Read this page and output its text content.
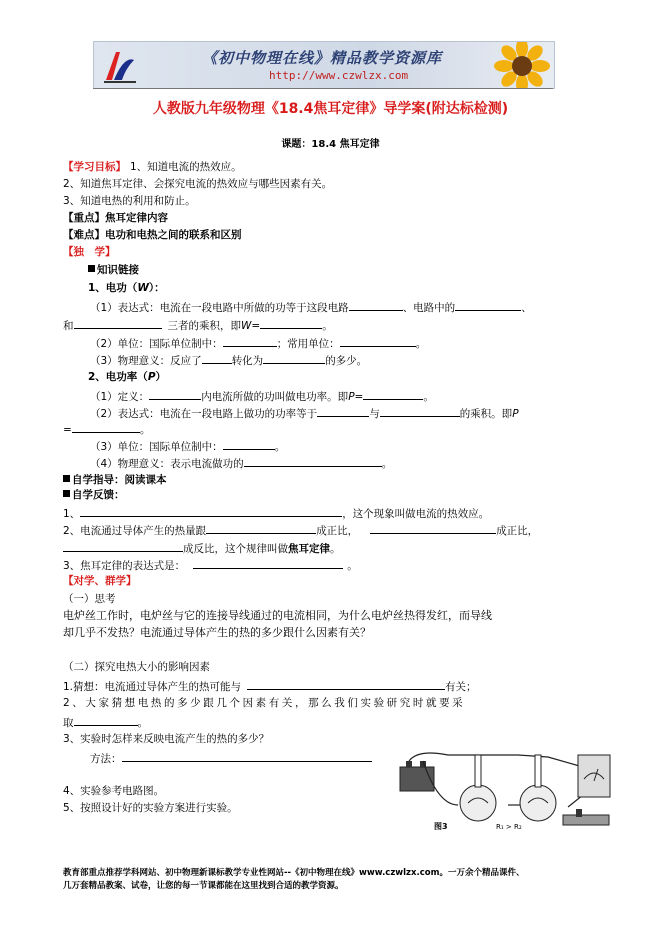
《初中物理在线》精品教学资源库
http://www.czwlzx.com
人教版九年级物理《18.4焦耳定律》导学案(附达标检测)
课题：18.4 焦耳定律
【学习目标】 1、知道电流的热效应。
2、知道焦耳定律、会探究电流的热效应与哪些因素有关。
3、知道电热的利用和防止。
【重点】焦耳定律内容
【难点】电功和电热之间的联系和区别
【独　学】
知识链接
1、电功（W）：
（1）表达式：电流在一段电路中所做的功等于这段电路	、电路中的	、
和	三者的乘积，即W=	。
（2）单位：国际单位制中：	；常用单位：	。
（3）物理意义：反应了	转化为	的多少。
2、电功率（P）
（1）定义：	内电流所做的功叫做电功率。即P=	。
（2）表达式：电流在一段电路上做功的功率等于	与	的乘积。即P
=	。
（3）单位：国际单位制中：	。
（4）物理意义：表示电流做功的	。
自学指导：阅读课本
自学反馈：
1、	，这个现象叫做电流的热效应。
2、电流通过导体产生的热量跟	成正比，	成正比，
成反比，这个规律叫做焦耳定律。
3、焦耳定律的表达式是：	。
【对学、群学】
（一）思考
电炉丝工作时，电炉丝与它的连接导线通过的电流相同，为什么电炉丝热得发红，而导线
却几乎不发热？电流通过导体产生的热的多少跟什么因素有关？
（二）探究电热大小的影响因素
1.猜想：电流通过导体产生的热可能与	有关；
2、大家猜想电热的多少跟几个因素有关，那么我们实验研究时就要采
取	。
3、实验时怎样来反映电流产生的热的多少？
方法：
4、实验参考电路图。
5、按照设计好的实验方案进行实验。
R₁ > R₂
图3
教育部重点推荐学科网站、初中物理新课标教学专业性网站--《初中物理在线》www.czwlzx.com。一万余个精品课件、
几万套精品教案、试卷，让您的每一节课都能在这里找到合适的教学资源。
